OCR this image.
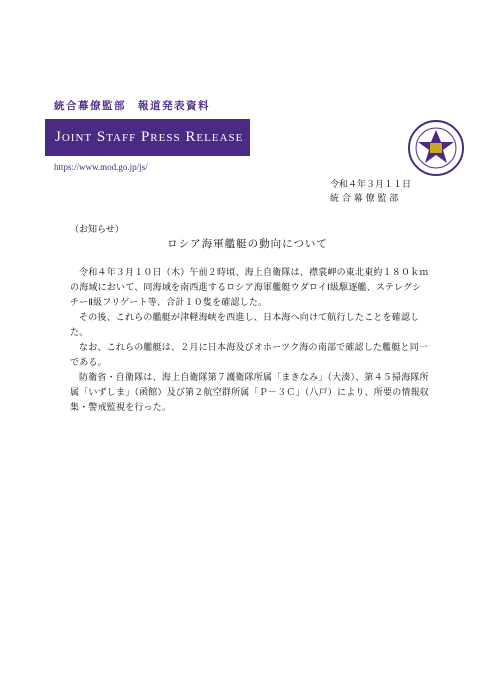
統合幕僚監部　報道発表資料
Joint Staff Press Release
https://www.mod.go.jp/js/
令和４年３月１１日
統 合 幕 僚 監 部
（お知らせ）
ロシア海軍艦艇の動向について

令和４年３月１０日（木）午前２時頃、海上自衛隊は、襟裳岬の東北東約１８０ｋｍの海域において、同海域を南西進するロシア海軍艦艇ウダロイⅠ級駆逐艦、ステレグシチーⅡ級フリゲート等、合計１０隻を確認した。

その後、これらの艦艇が津軽海峡を西進し、日本海へ向けて航行したことを確認した。

なお、これらの艦艇は、２月に日本海及びオホーツク海の南部で確認した艦艇と同一である。

防衛省・自衛隊は、海上自衛隊第７護衛隊所属「まきなみ」（大湊）、第４５掃海隊所属「いずしま」（函館）及び第２航空群所属「Ｐ－３Ｃ」（八戸）により、所要の情報収集・警戒監視を行った。
